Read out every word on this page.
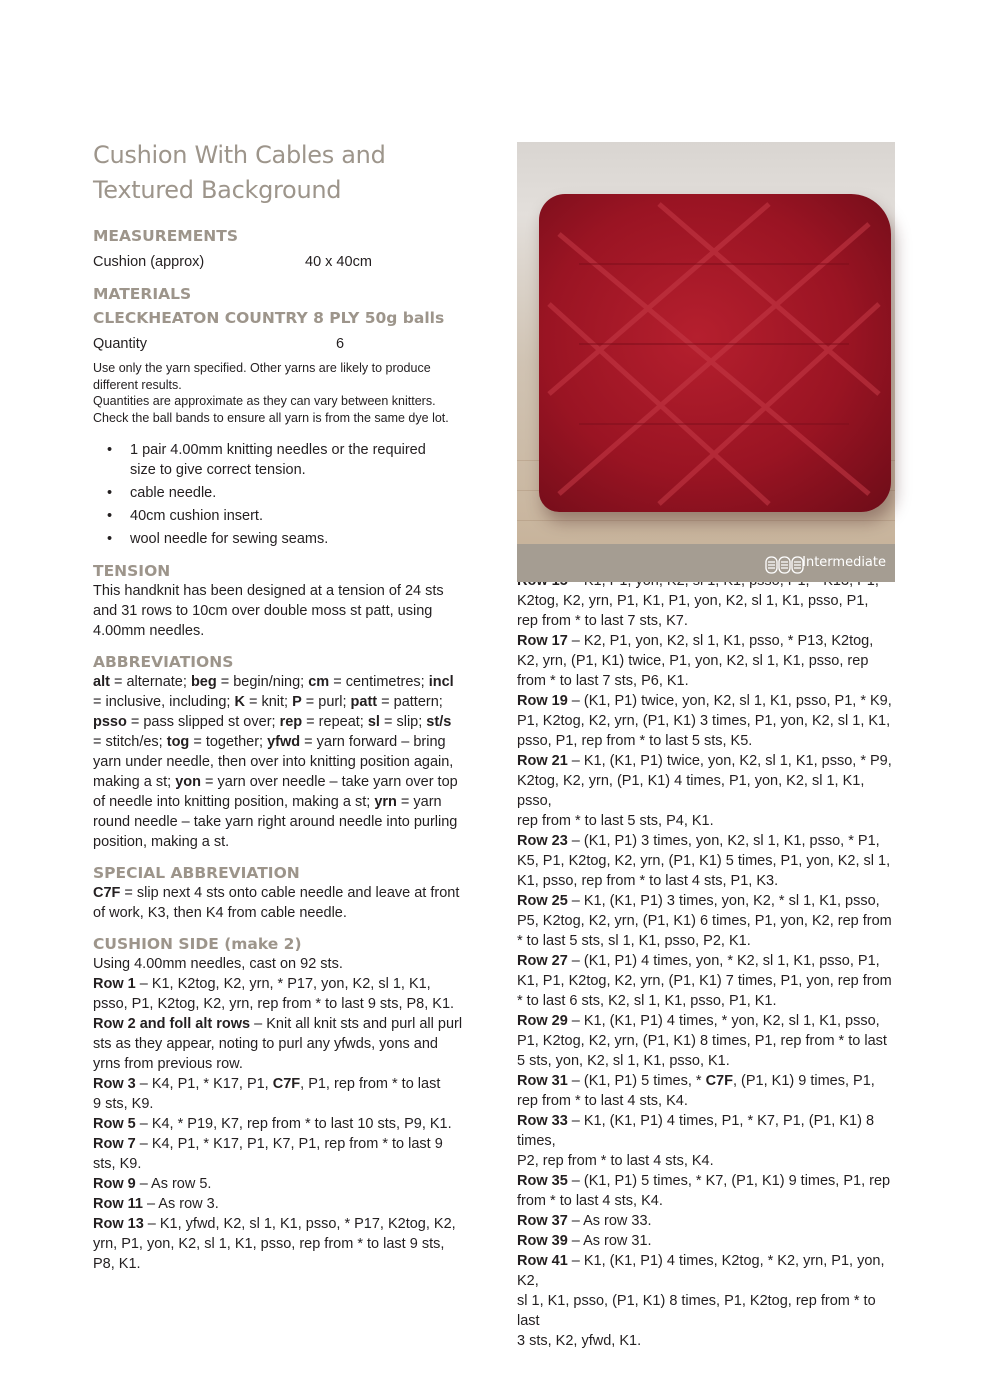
Cushion With Cables and
Textured Background
MEASUREMENTS
Cushion (approx)	40 x 40cm
MATERIALS
CLECKHEATON COUNTRY 8 PLY 50g balls
Quantity	6
Use only the yarn specified. Other yarns are likely to produce
different results.
Quantities are approximate as they can vary between knitters.
Check the ball bands to ensure all yarn is from the same dye lot.
• 1 pair 4.00mm knitting needles or the required
size to give correct tension.
• cable needle.
• 40cm cushion insert.
• wool needle for sewing seams.
TENSION
This handknit has been designed at a tension of 24 sts
and 31 rows to 10cm over double moss st patt, using
4.00mm needles.
ABBREVIATIONS
alt = alternate; beg = begin/ning; cm = centimetres; incl
= inclusive, including; K = knit; P = purl; patt = pattern;
psso = pass slipped st over; rep = repeat; sl = slip; st/s
= stitch/es; tog = together; yfwd = yarn forward – bring
yarn under needle, then over into knitting position again,
making a st; yon = yarn over needle – take yarn over top
of needle into knitting position, making a st; yrn = yarn
round needle – take yarn right around needle into purling
position, making a st.
SPECIAL ABBREVIATION
C7F = slip next 4 sts onto cable needle and leave at front
of work, K3, then K4 from cable needle.
CUSHION SIDE (make 2)
Using 4.00mm needles, cast on 92 sts.
Row 1 – K1, K2tog, K2, yrn, * P17, yon, K2, sl 1, K1,
psso, P1, K2tog, K2, yrn, rep from * to last 9 sts, P8, K1.
Row 2 and foll alt rows – Knit all knit sts and purl all purl
sts as they appear, noting to purl any yfwds, yons and
yrns from previous row.
Row 3 – K4, P1, * K17, P1, C7F, P1, rep from * to last
9 sts, K9.
Row 5 – K4, * P19, K7, rep from * to last 10 sts, P9, K1.
Row 7 – K4, P1, * K17, P1, K7, P1, rep from * to last 9
sts, K9.
Row 9 – As row 5.
Row 11 – As row 3.
Row 13 – K1, yfwd, K2, sl 1, K1, psso, * P17, K2tog, K2,
yrn, P1, yon, K2, sl 1, K1, psso, rep from * to last 9 sts,
P8, K1.
Intermediate
K2tog, K2, yrn, P1, K1, P1, yon, K2, sl 1, K1, psso, P1,
rep from * to last 7 sts, K7.
Row 17 – K2, P1, yon, K2, sl 1, K1, psso, * P13, K2tog,
K2, yrn, (P1, K1) twice, P1, yon, K2, sl 1, K1, psso, rep
from * to last 7 sts, P6, K1.
Row 19 – (K1, P1) twice, yon, K2, sl 1, K1, psso, P1, * K9,
P1, K2tog, K2, yrn, (P1, K1) 3 times, P1, yon, K2, sl 1, K1,
psso, P1, rep from * to last 5 sts, K5.
Row 21 – K1, (K1, P1) twice, yon, K2, sl 1, K1, psso, * P9,
K2tog, K2, yrn, (P1, K1) 4 times, P1, yon, K2, sl 1, K1, psso,
rep from * to last 5 sts, P4, K1.
Row 23 – (K1, P1) 3 times, yon, K2, sl 1, K1, psso, * P1,
K5, P1, K2tog, K2, yrn, (P1, K1) 5 times, P1, yon, K2, sl 1,
K1, psso, rep from * to last 4 sts, P1, K3.
Row 25 – K1, (K1, P1) 3 times, yon, K2, * sl 1, K1, psso,
P5, K2tog, K2, yrn, (P1, K1) 6 times, P1, yon, K2, rep from
* to last 5 sts, sl 1, K1, psso, P2, K1.
Row 27 – (K1, P1) 4 times, yon, * K2, sl 1, K1, psso, P1,
K1, P1, K2tog, K2, yrn, (P1, K1) 7 times, P1, yon, rep from
* to last 6 sts, K2, sl 1, K1, psso, P1, K1.
Row 29 – K1, (K1, P1) 4 times, * yon, K2, sl 1, K1, psso,
P1, K2tog, K2, yrn, (P1, K1) 8 times, P1, rep from * to last
5 sts, yon, K2, sl 1, K1, psso, K1.
Row 31 – (K1, P1) 5 times, * C7F, (P1, K1) 9 times, P1,
rep from * to last 4 sts, K4.
Row 33 – K1, (K1, P1) 4 times, P1, * K7, P1, (P1, K1) 8 times,
P2, rep from * to last 4 sts, K4.
Row 35 – (K1, P1) 5 times, * K7, (P1, K1) 9 times, P1, rep
from * to last 4 sts, K4.
Row 37 – As row 33.
Row 39 – As row 31.
Row 41 – K1, (K1, P1) 4 times, K2tog, * K2, yrn, P1, yon, K2,
sl 1, K1, psso, (P1, K1) 8 times, P1, K2tog, rep from * to last
3 sts, K2, yfwd, K1.
